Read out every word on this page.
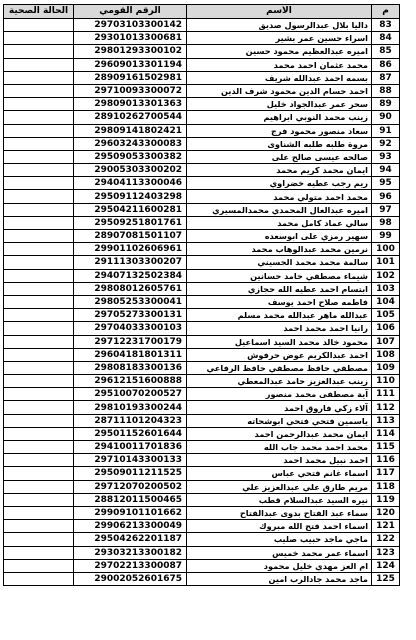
الحالة الصحية	الرقم القومي	الاسم	م
	29703103300142	داليا بلال عبدالرسول صديق	83
	29301013300681	اسراء حسين عمر بشير	84
	29801293300102	اميره عبدالعظيم محمود حسين	85
	29609013301194	محمد عثمان احمد محمد	86
	28909161502981	بسمه احمد عبدالله شريف	87
	29710093300072	احمد حسام الدين محمود شرف الدين	88
	29809013301363	سحر عمر عبدالجواد خليل	89
	28910262700544	زينب محمد النوبي ابراهيم	90
	29809141802421	سعاد منصور محمود فرج	91
	29603243300083	مروة طلبه طلبه الشناوى	92
	29509053300382	صالحه عيسى صالح على	93
	29005303300202	ايمان محمد كريم محمد	94
	29404113300046	ريم رجب عطيه خضراوي	95
	29509112403298	محمد احمد متولي محمد	96
	29504211600281	اميره عبدالعال المحمدي محمدالمسيري	97
	29509251801761	سالي عماد كامل محمد	98
	28907081501107	سهير رمزي على ابوسعده	99
	29901102606961	نرمين محمد عبدالوهاب محمد	100
	29111303300207	سالمة محمد محمد الحسيني	101
	29407132502384	شيماء مصطفي حامد حسانين	102
	29808012605761	ابتسام احمد عطيه الله حجازي	103
	29805253300041	فاطمه صلاح احمد يوسف	104
	29705273300131	عبدالله ماهر عبدالله محمد مسلم	105
	29704033300103	رانيا احمد محمد احمد	106
	29712231700179	محمود خالد محمد السيد اسماعيل	107
	29604181801311	احمد عبدالكريم عوض حرفوش	108
	29808183300136	مصطفي حافظ مصطفي حافظ الرفاعي	109
	29612151600888	زينب عبدالعزيز حامد عبدالمعطي	110
	29510070200527	آية مصطفى محمد منصور	111
	29810193300244	آلاء زكي فاروق احمد	112
	28711101204323	ياسمين فتحي فتحي ابوشحاته	113
	29501152601644	ايمان محمد عبدالرحمن احمد	114
	29410011701836	محمد احمد محمد جاب الله	115
	29710143300133	احمد نبيل محمد احمد	116
	29509011211525	اسماء غانم فتحي عباس	117
	29712070200502	مريم طارق علي عبدالعزيز علي	118
	28812011500465	نيره السيد عبدالسلام قطب	119
	29909101101662	سماء عبد الفتاح بدوى عبدالفتاح	120
	29906213300049	اسماء احمد فتح الله مبروك	121
	29504262201187	ماجي ماجد حبيب صليب	122
	29303213300182	اسماء عمر محمد خميس	123
	29702213300087	ام العز مهدي خليل محمود	124
	29002052601675	ماجد محمد جادالرب امين	125
